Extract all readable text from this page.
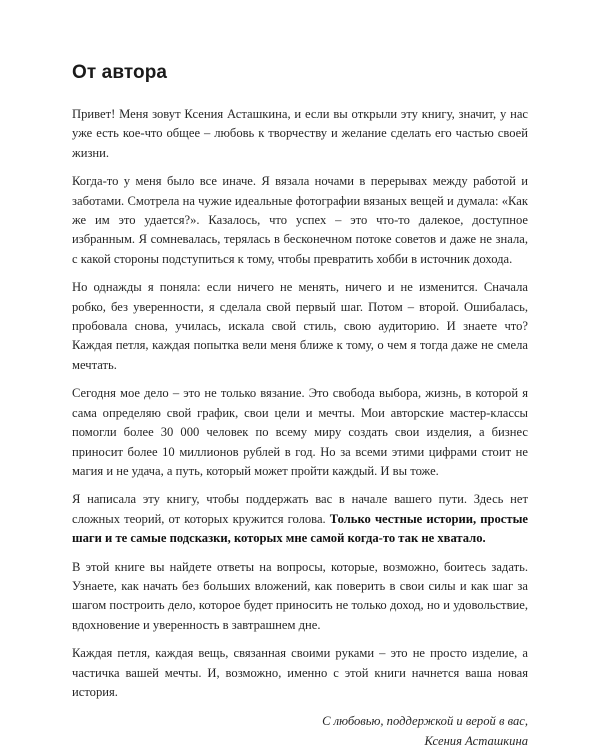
От автора

Привет! Меня зовут Ксения Асташкина, и если вы открыли эту книгу, значит, у нас уже есть кое-что общее – любовь к творчеству и желание сделать его частью своей жизни.

Когда-то у меня было все иначе. Я вязала ночами в перерывах между работой и заботами. Смотрела на чужие идеальные фотографии вязаных вещей и думала: «Как же им это удается?». Казалось, что успех – это что-то далекое, доступное избранным. Я сомневалась, терялась в бесконечном потоке советов и даже не знала, с какой стороны подступиться к тому, чтобы превратить хобби в источник дохода.

Но однажды я поняла: если ничего не менять, ничего и не изменится. Сначала робко, без уверенности, я сделала свой первый шаг. Потом – второй. Ошибалась, пробовала снова, училась, искала свой стиль, свою аудиторию. И знаете что? Каждая петля, каждая попытка вели меня ближе к тому, о чем я тогда даже не смела мечтать.

Сегодня мое дело – это не только вязание. Это свобода выбора, жизнь, в которой я сама определяю свой график, свои цели и мечты. Мои авторские мастер-классы помогли более 30 000 человек по всему миру создать свои изделия, а бизнес приносит более 10 миллионов рублей в год. Но за всеми этими цифрами стоит не магия и не удача, а путь, который может пройти каждый. И вы тоже.

Я написала эту книгу, чтобы поддержать вас в начале вашего пути. Здесь нет сложных теорий, от которых кружится голова. Только честные истории, простые шаги и те самые подсказки, которых мне самой когда-то так не хватало.

В этой книге вы найдете ответы на вопросы, которые, возможно, боитесь задать. Узнаете, как начать без больших вложений, как поверить в свои силы и как шаг за шагом построить дело, которое будет приносить не только доход, но и удовольствие, вдохновение и уверенность в завтрашнем дне.

Каждая петля, каждая вещь, связанная своими руками – это не просто изделие, а частичка вашей мечты. И, возможно, именно с этой книги начнется ваша новая история.

С любовью, поддержкой и верой в вас,
Ксения Асташкина
